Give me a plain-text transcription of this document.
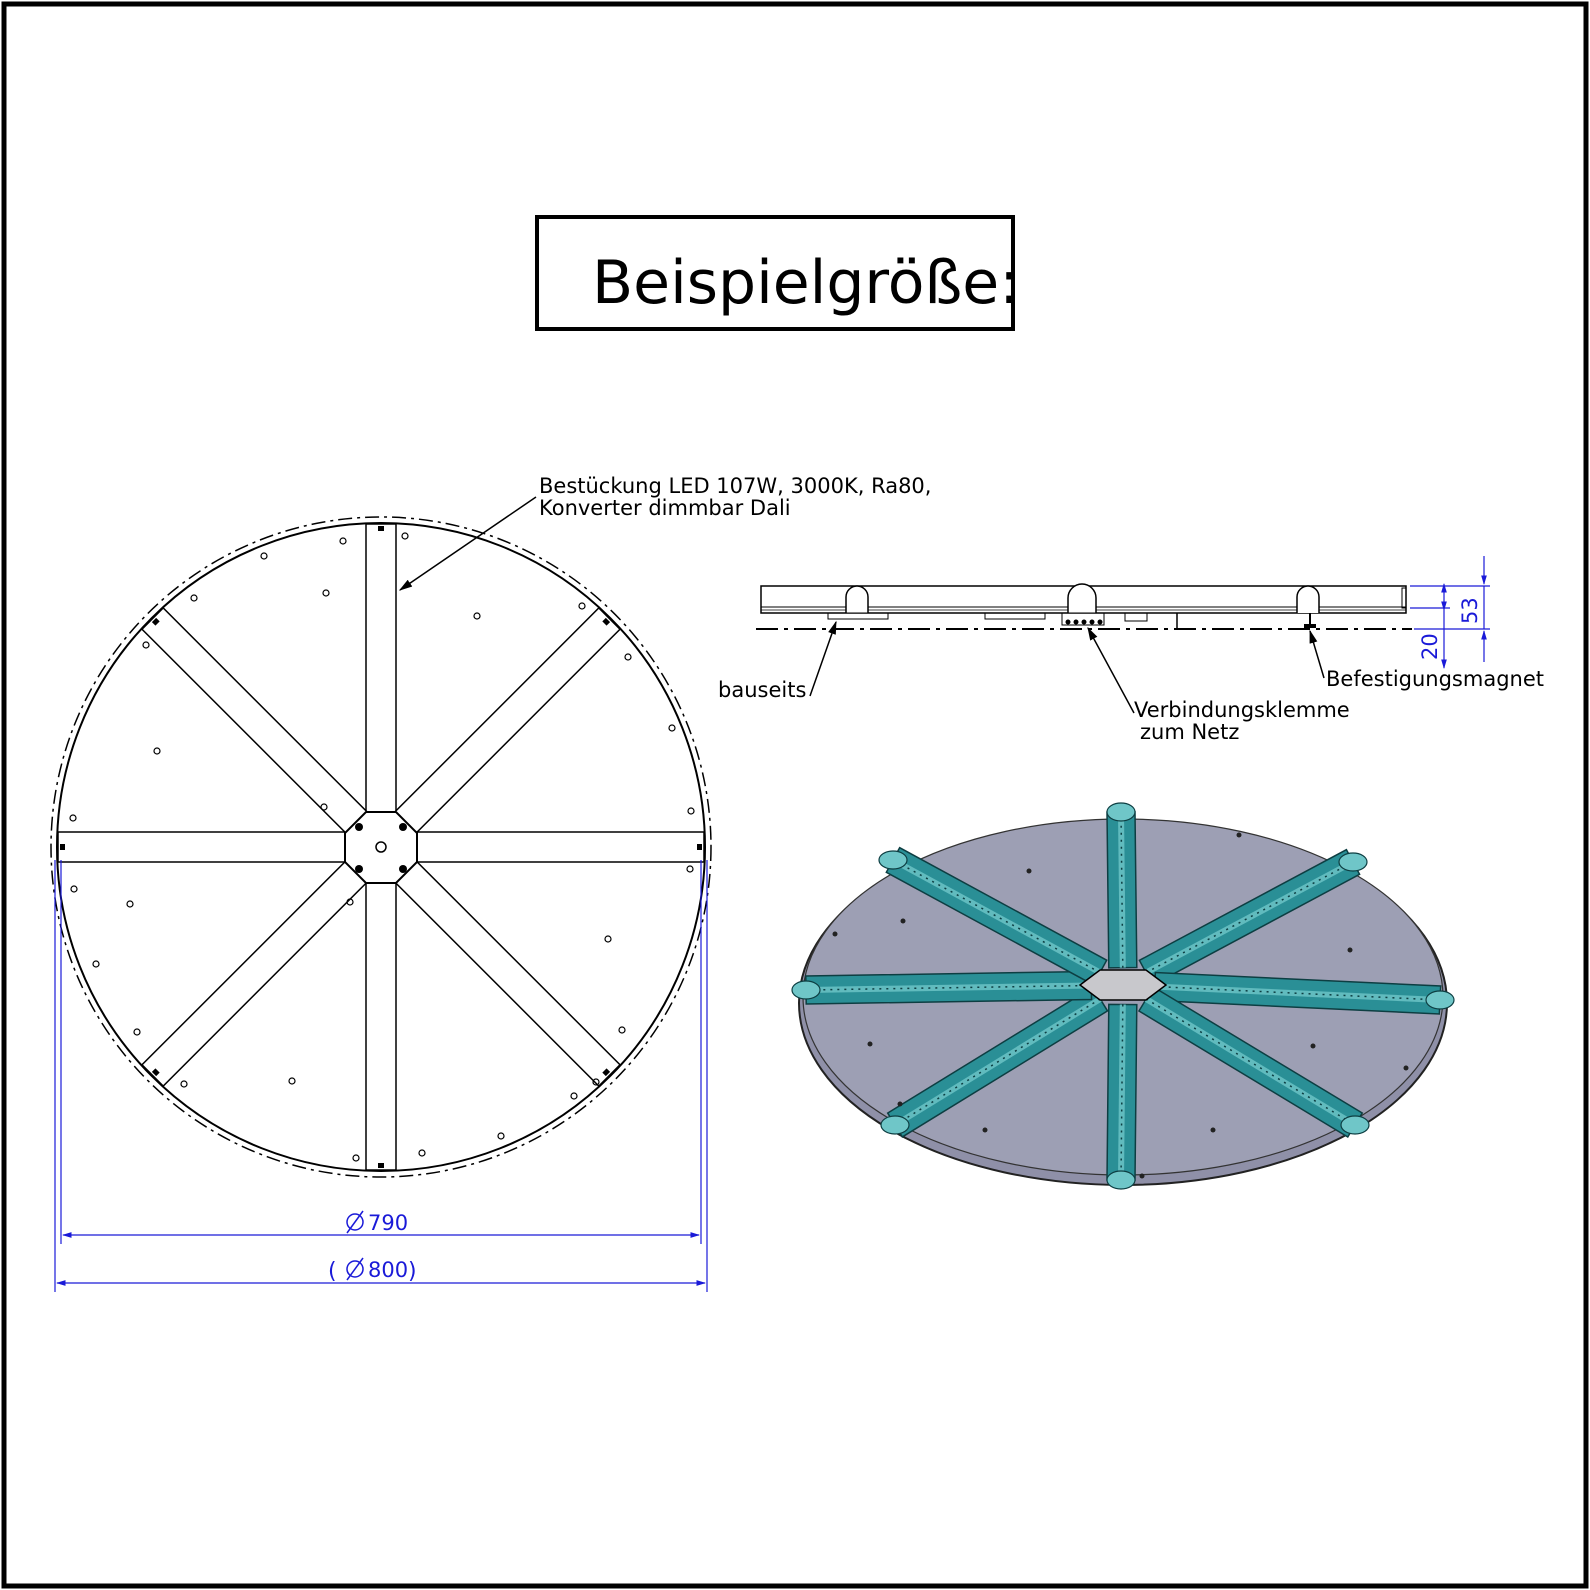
Beispielgröße:
Bestückung LED 107W, 3000K, Ra80,
Konverter dimmbar Dali
790
( 800 )
53
20
bauseits	Befestigungsmagnet
Verbindungsklemme
zum Netz
